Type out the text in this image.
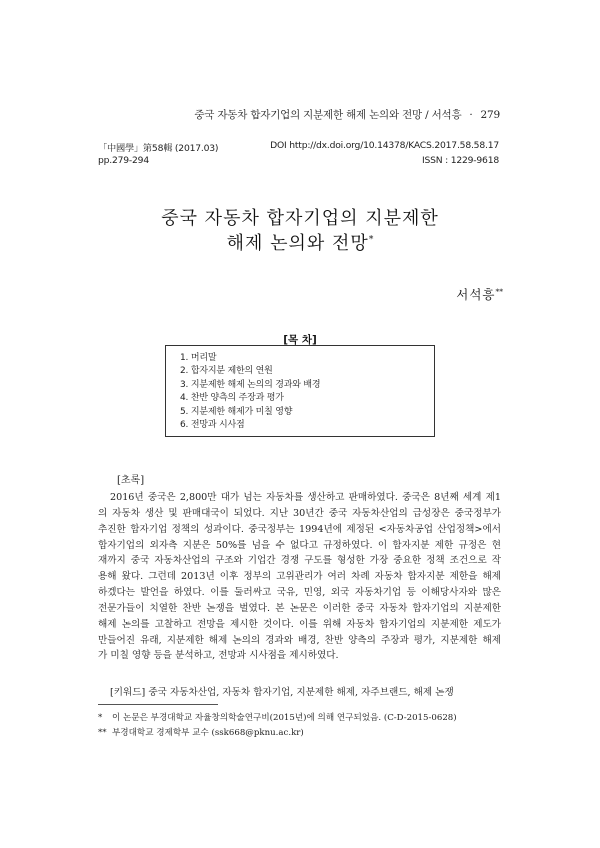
중국 자동차 합자기업의 지분제한 해제 논의와 전망 / 서석흥 · 279
「中國學」第58輯 (2017.03)
pp.279-294
DOI http://dx.doi.org/10.14378/KACS.2017.58.58.17
ISSN : 1229-9618
중국 자동차 합자기업의 지분제한
해제 논의와 전망*
서석흥**
[목 차]
1. 머리말
2. 합자지분 제한의 연원
3. 지분제한 해제 논의의 경과와 배경
4. 찬반 양측의 주장과 평가
5. 지분제한 해제가 미칠 영향
6. 전망과 시사점
[초록]
2016년 중국은 2,800만 대가 넘는 자동차를 생산하고 판매하였다. 중국은 8년째 세계 제1
의 자동차 생산 및 판매대국이 되었다. 지난 30년간 중국 자동차산업의 급성장은 중국정부가
추진한 합자기업 정책의 성과이다. 중국정부는 1994년에 제정된 <자동차공업 산업정책>에서
합자기업의 외자측 지분은 50%를 넘을 수 없다고 규정하였다. 이 합자지분 제한 규정은 현
재까지 중국 자동차산업의 구조와 기업간 경쟁 구도를 형성한 가장 중요한 정책 조건으로 작
용해 왔다. 그런데 2013년 이후 정부의 고위관리가 여러 차례 자동차 합자지분 제한을 해제
하겠다는 발언을 하였다. 이를 둘러싸고 국유, 민영, 외국 자동차기업 등 이해당사자와 많은
전문가들이 치열한 찬반 논쟁을 벌였다. 본 논문은 이러한 중국 자동차 합자기업의 지분제한
해제 논의를 고찰하고 전망을 제시한 것이다. 이를 위해 자동차 합자기업의 지분제한 제도가
만들어진 유래, 지분제한 해제 논의의 경과와 배경, 찬반 양측의 주장과 평가, 지분제한 해제
가 미칠 영향 등을 분석하고, 전망과 시사점을 제시하였다.
[키워드] 중국 자동차산업, 자동차 합자기업, 지분제한 해제, 자주브랜드, 해제 논쟁
* 이 논문은 부경대학교 자율창의학술연구비(2015년)에 의해 연구되었음. (C-D-2015-0628)
** 부경대학교 경제학부 교수 (ssk668@pknu.ac.kr)
